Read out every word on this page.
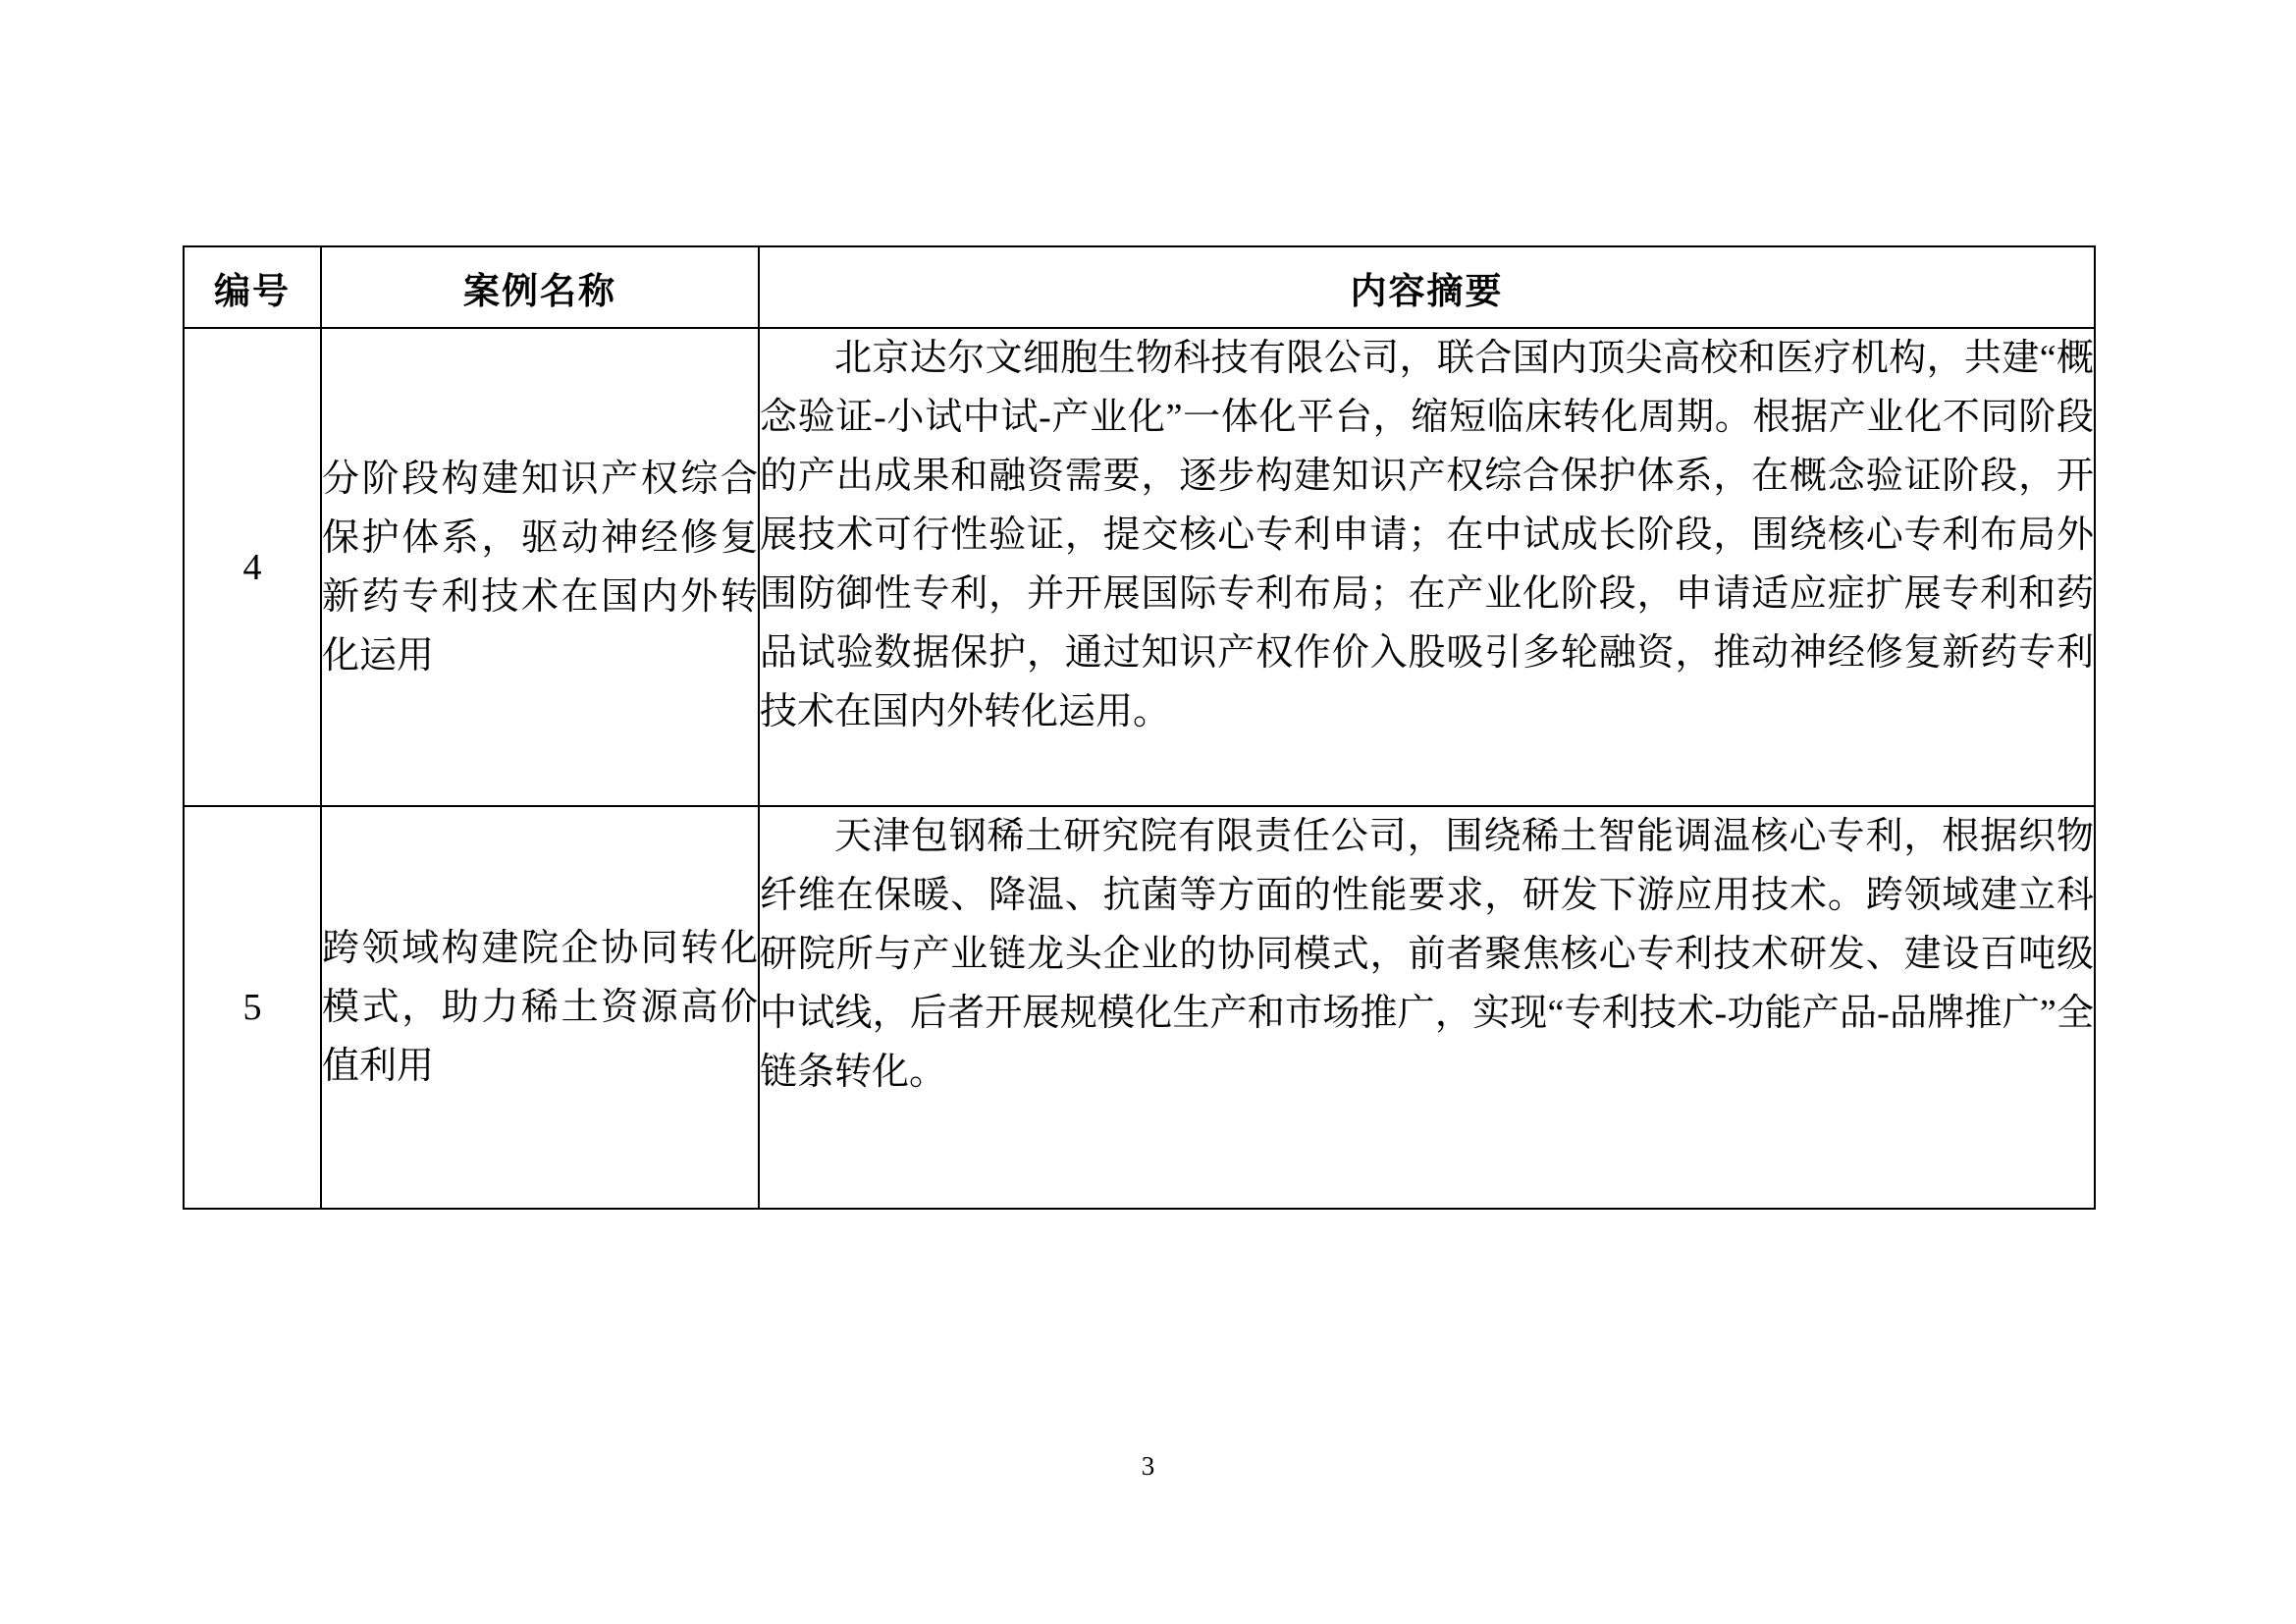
编号	案例名称	内容摘要
4	分阶段构建知识产权综合保护体系，驱动神经修复新药专利技术在国内外转化运用	北京达尔文细胞生物科技有限公司，联合国内顶尖高校和医疗机构，共建“概念验证-小试中试-产业化”一体化平台，缩短临床转化周期。根据产业化不同阶段的产出成果和融资需要，逐步构建知识产权综合保护体系，在概念验证阶段，开展技术可行性验证，提交核心专利申请；在中试成长阶段，围绕核心专利布局外围防御性专利，并开展国际专利布局；在产业化阶段，申请适应症扩展专利和药品试验数据保护，通过知识产权作价入股吸引多轮融资，推动神经修复新药专利技术在国内外转化运用。

5	跨领域构建院企协同转化模式，助力稀土资源高价值利用	天津包钢稀土研究院有限责任公司，围绕稀土智能调温核心专利，根据织物纤维在保暖、降温、抗菌等方面的性能要求，研发下游应用技术。跨领域建立科研院所与产业链龙头企业的协同模式，前者聚焦核心专利技术研发、建设百吨级中试线，后者开展规模化生产和市场推广，实现“专利技术-功能产品-品牌推广”全链条转化。
3
